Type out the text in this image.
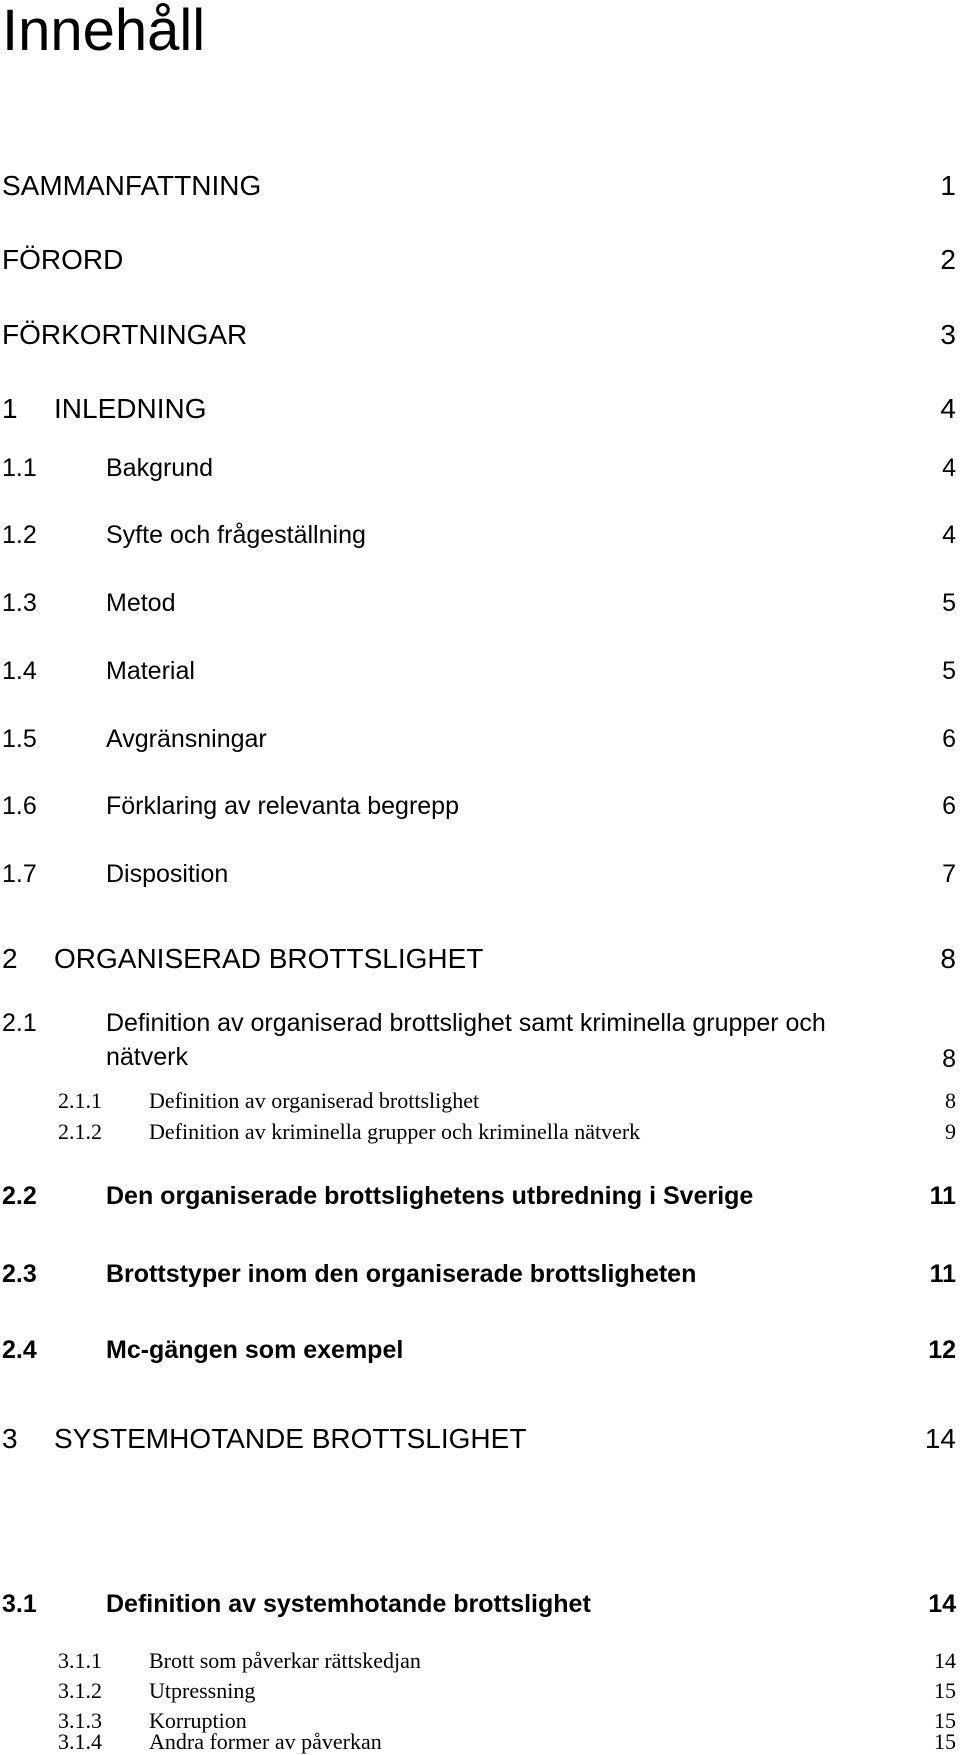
Innehåll
SAMMANFATTNING	1
FÖRORD	2
FÖRKORTNINGAR	3
1 INLEDNING	4
1.1	Bakgrund	4
1.2	Syfte och frågeställning	4
1.3	Metod	5
1.4	Material	5
1.5	Avgränsningar	6
1.6	Förklaring av relevanta begrepp	6
1.7	Disposition	7
2 ORGANISERAD BROTTSLIGHET	8
2.1	Definition av organiserad brottslighet samt kriminella grupper och
nätverk	8
2.1.1 Definition av organiserad brottslighet	8
2.1.2 Definition av kriminella grupper och kriminella nätverk	9
2.2	Den organiserade brottslighetens utbredning i Sverige	11
2.3	Brottstyper inom den organiserade brottsligheten	11
2.4	Mc-gängen som exempel	12
3 SYSTEMHOTANDE BROTTSLIGHET	14
3.1	Definition av systemhotande brottslighet	14
3.1.1 Brott som påverkar rättskedjan	14
3.1.2 Utpressning	15
3.1.3 Korruption	15
3.1.4 Andra former av påverkan	15
